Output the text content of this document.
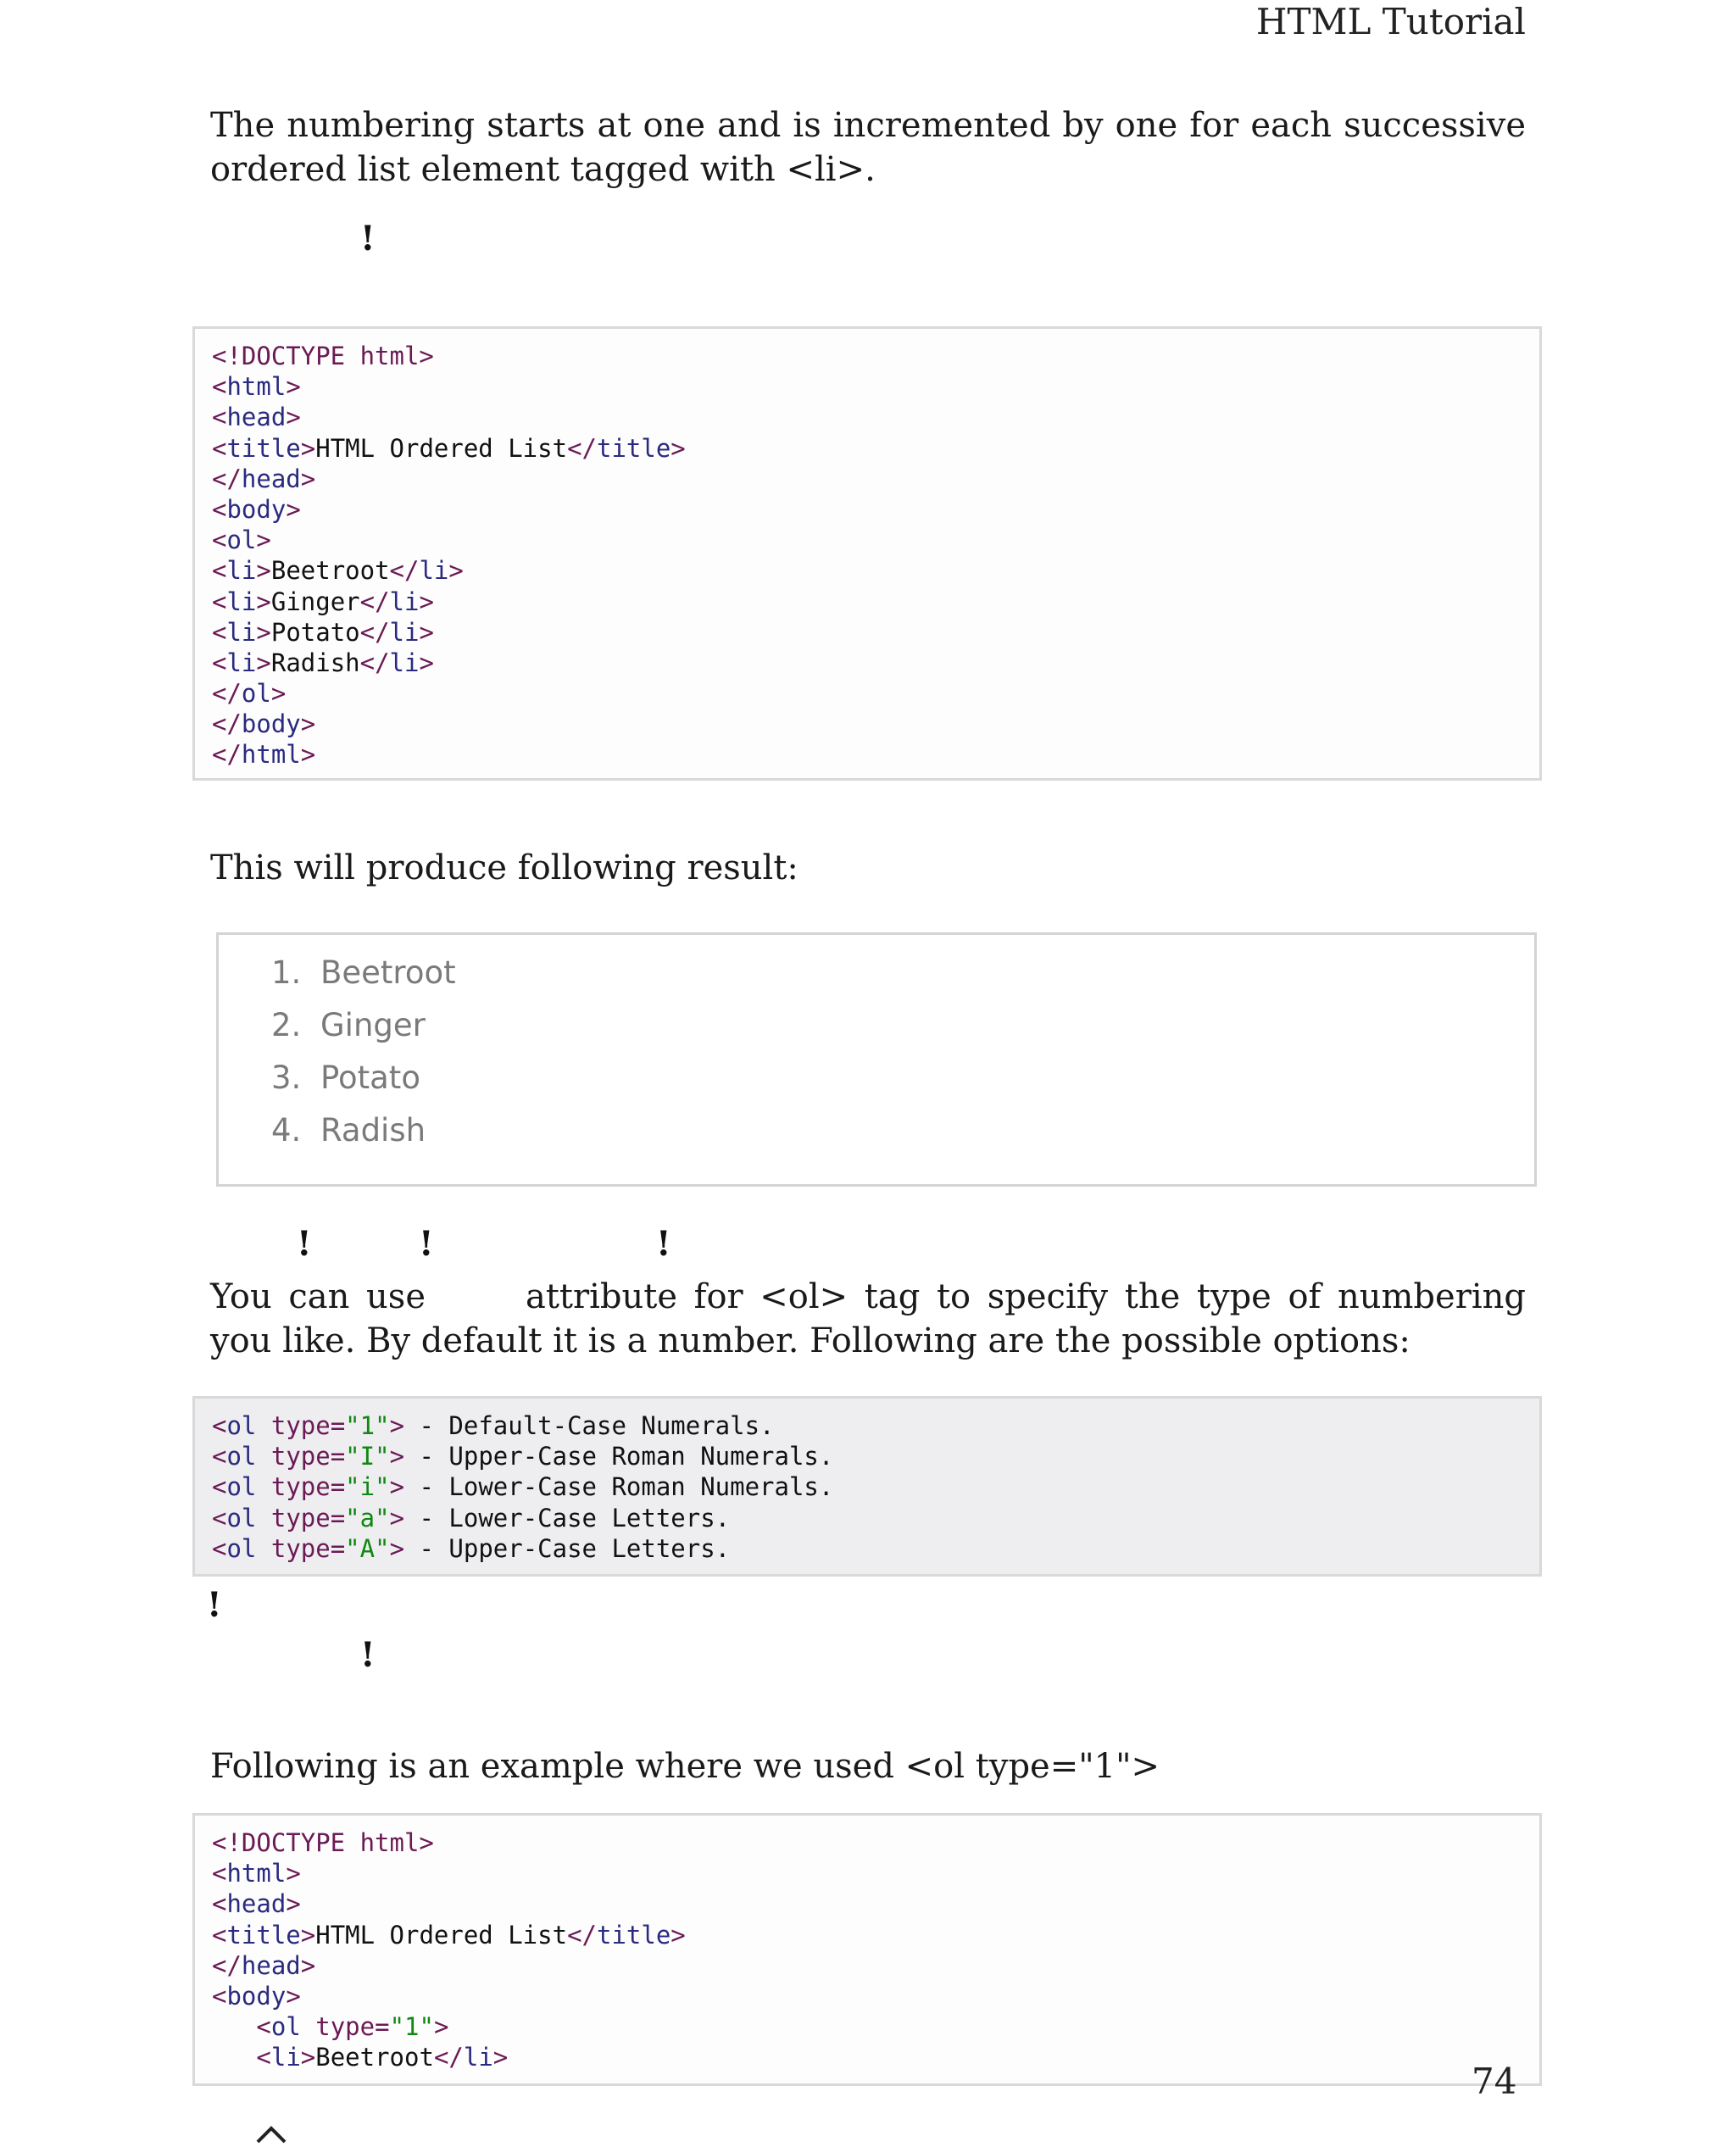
HTML Tutorial
The numbering starts at one and is incremented by one for each successive ordered list element tagged with <li>.
!
<!DOCTYPE html>
<html>
<head>
<title>HTML Ordered List</title>
</head>
<body>
<ol>
<li>Beetroot</li>
<li>Ginger</li>
<li>Potato</li>
<li>Radish</li>
</ol>
</body>
</html>
This will produce following result:
1. Beetroot
2. Ginger
3. Potato
4. Radish
!	!	!
You can use	attribute for <ol> tag to specify the type of numbering you like. By default it is a number. Following are the possible options:
<ol type="1"> - Default-Case Numerals.
<ol type="I"> - Upper-Case Roman Numerals.
<ol type="i"> - Lower-Case Roman Numerals.
<ol type="a"> - Lower-Case Letters.
<ol type="A"> - Upper-Case Letters.
!
!
Following is an example where we used <ol type="1">
<!DOCTYPE html>
<html>
<head>
<title>HTML Ordered List</title>
</head>
<body>
<ol type="1">
<li>Beetroot</li>
74
